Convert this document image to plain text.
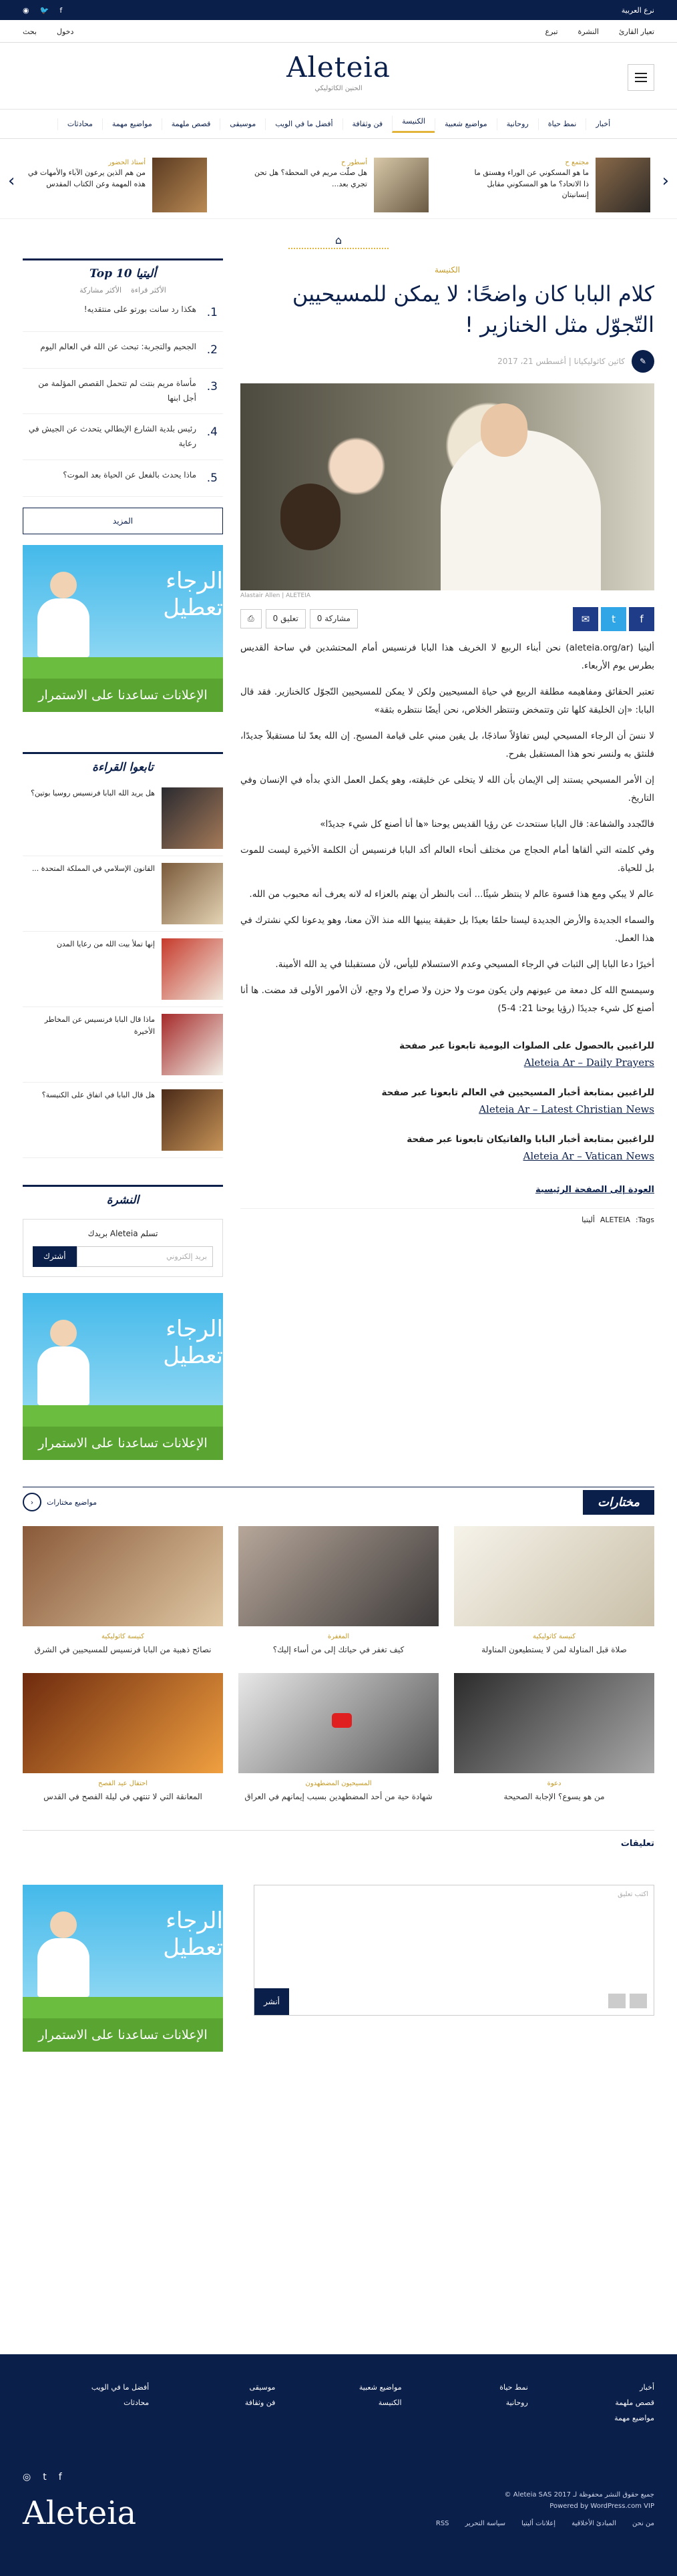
نرع العربية
f
🐦
◉
تعيار القارئ
النشرة
تبرع
دخول
بحث
Aleteia
الحنين الكاثوليكي
أخبار
نمط حياة
روحانية
مواضيع شعبية
الكنيسة
فن وثقافة
أفضل ما في الويب
موسيقى
قصص ملهمة
مواضيع مهمة
محادثات
‹
›
مجتمع ح
ما هو المسكوني عن الوراء وهستق ما ذا الاتحاد؟ ما هو المسكوني مقابل إنسانيتان
أسطور ح
هل صلّت مريم في المحطة؟ هل تحن تجري بعد...
أستاذ الحضور
من هم الذين يرعون الآباء والأمهات في هذه المهمة وعن الكتاب المقدس
⌂
الكنيسة
كلام البابا كان واضحًا: لا يمكن للمسيحيين التّجوّل مثل الخنازير !
✎
كاثين كاثوليكيانا | أغسطس 21، 2017
Alastair Allen | ALETEIA
f
t
✉
مشاركة 0
تعليق 0
⎙

أليتيا (aleteia.org/ar) نحن أبناء الربيع لا الخريف هذا البابا فرنسيس أمام المحتشدين في ساحة القديس بطرس يوم الأربعاء.

تعتبر الحقائق ومفاهيمه مطلقة الربيع في حياة المسيحيين ولكن لا يمكن للمسيحيين التّجوّل كالخنازير. فقد قال البابا: «إن الخليقة كلها تئن وتتمخض وتنتظر الخلاص، نحن أيضًا ننتظره بثقة»

لا ننسَ أن الرجاء المسيحي ليس تفاؤلاً ساذجًا، بل يقين مبني على قيامة المسيح. إن الله يعدّ لنا مستقبلاً جديدًا، فلنثق به ولنسر نحو هذا المستقبل بفرح.

إن الأمر المسيحي يستند إلى الإيمان بأن الله لا يتخلى عن خليقته، وهو يكمل العمل الذي بدأه في الإنسان وفي التاريخ.

فالتّجدد والشفاعة: قال البابا سنتحدث عن رؤيا القديس يوحنا «ها أنا أصنع كل شيء جديدًا»

وفي كلمته التي ألقاها أمام الحجاج من مختلف أنحاء العالم أكد البابا فرنسيس أن الكلمة الأخيرة ليست للموت بل للحياة.

عالم لا يبكي ومع هذا قسوة عالم لا ينتظر شيئًا... أنت بالنظر أن يهتم بالعزاء له لانه يعرف أنه محبوب من الله.

والسماء الجديدة والأرض الجديدة ليستا حلمًا بعيدًا بل حقيقة يبنيها الله منذ الآن معنا، وهو يدعونا لكي نشترك في هذا العمل.

أخيرًا دعا البابا إلى الثبات في الرجاء المسيحي وعدم الاستسلام لليأس، لأن مستقبلنا في يد الله الأمينة.

وسيمسح الله كل دمعة من عيونهم ولن يكون موت ولا حزن ولا صراخ ولا وجع، لأن الأمور الأولى قد مضت. ها أنا أصنع كل شيء جديدًا (رؤيا يوحنا 21: 4-5)

للراغبين بالحصول على الصلوات اليومية تابعونا عبر صفحة
Aleteia Ar – Daily Prayers
للراغبين بمتابعة أخبار المسيحيين في العالم تابعونا عبر صفحة
Aleteia Ar – Latest Christian News
للراغبين بمتابعة أخبار البابا والفاتيكان تابعونا عبر صفحة
Aleteia Ar – Vatican News
العودة إلى الصفحة الرئيسية
Tags:
ALETEIA
أليتيا
أليتيا Top 10
الأكثر قراءة
الأكثر مشاركة
1.
هكذا رد سانت بورتو على منتقديه!
2.
الجحيم والتجربة: تبحث عن الله في العالم اليوم
3.
مأساة مريم بنتت لم تتحمل القصص المؤلمة من أجل ابنها
4.
رئيس بلدية الشارع الإيطالي يتحدث عن الجيش في رعاية
5.
ماذا يحدث بالفعل عن الحياة بعد الموت؟
المزيد
الرجاء تعطيل
الإعلانات تساعدنا على الاستمرار
تابعوا القراءة
هل يريد الله البابا فرنسيس روسيا بوتين؟
القانون الإسلامي في المملكة المتحدة ...
إنها تملأ بيت الله من رعايا المدن
ماذا قال البابا فرنسيس عن المخاطر الأخيرة
هل قال البابا في اتفاق على الكنيسة؟
النشرة
تسلم Aleteia بريدك
بريد إلكتروني
أشترك
الرجاء تعطيل
الإعلانات تساعدنا على الاستمرار
مختارات
مواضيع مختارات
‹
كنيسة كاثوليكية
صلاة قبل المناولة لمن لا يستطيعون المناولة
المغفرة
كيف تغفر في حياتك إلى من أساء إليك؟
كنيسة كاثوليكية
نصائح ذهبية من البابا فرنسيس للمسيحيين في الشرق
دعوة
من هو يسوع؟ الإجابة الصحيحة
المسيحيون المضطهدون
شهادة حية من أحد المضطهدين بسبب إيمانهم في العراق
احتفال عيد الفصح
المعانقة التي لا تنتهي في ليلة الفصح في القدس
تعليقات
اكتب تعليق
أنشر
الرجاء تعطيل
الإعلانات تساعدنا على الاستمرار
أخبار
قصص ملهمة
مواضيع مهمة
نمط حياة
روحانية
مواضيع شعبية
الكنيسة
موسيقى
فن وثقافة
أفضل ما في الويب
محادثات
f
t
◎
Aleteia	جميع حقوق النشر محفوظة لـ Aleteia SAS 2017 ©
Powered by WordPress.com VIP
من نحن
المبادئ الأخلاقية
إعلانات أليتيا
سياسة التحرير
RSS
